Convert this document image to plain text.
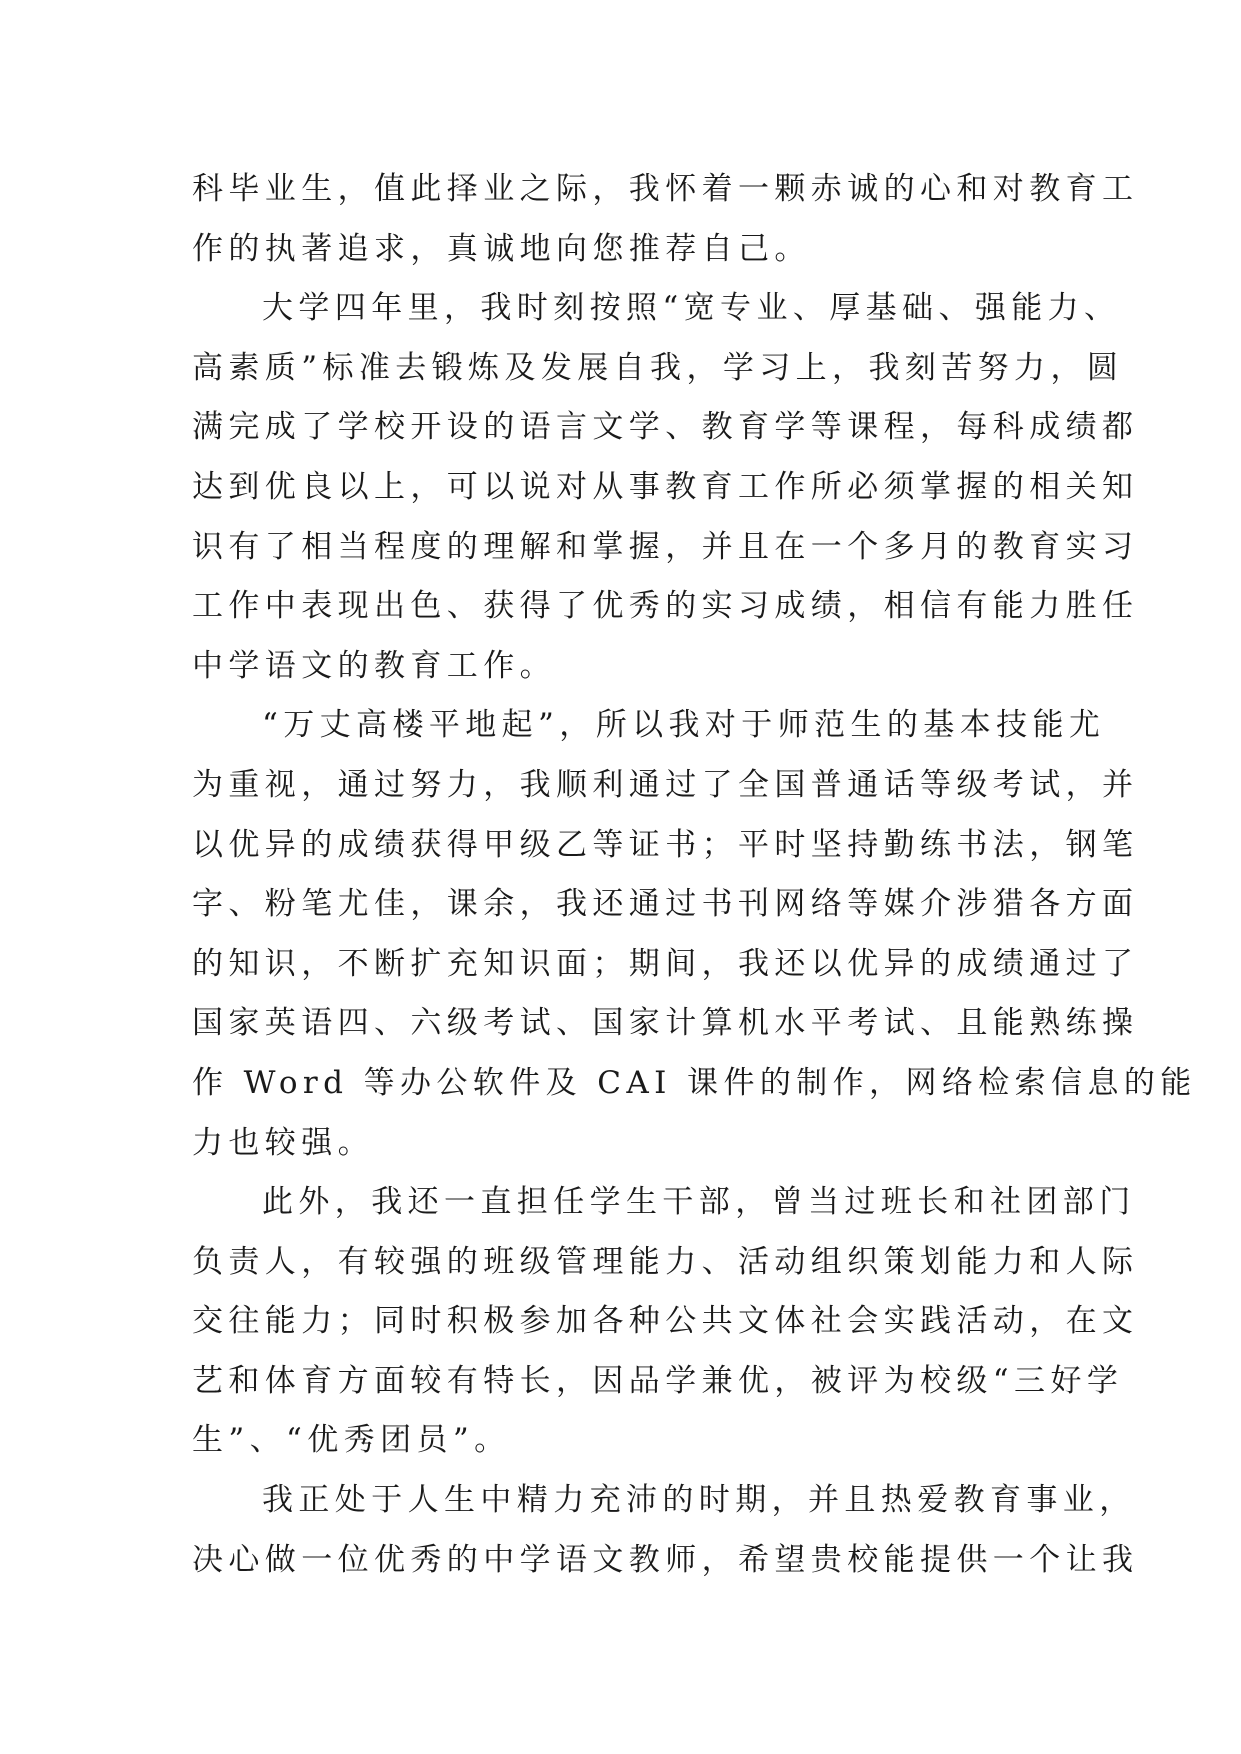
科毕业生，值此择业之际，我怀着一颗赤诚的心和对教育工
作的执著追求，真诚地向您推荐自己。
大学四年里，我时刻按照“宽专业、厚基础、强能力、
高素质”标准去锻炼及发展自我，学习上，我刻苦努力，圆
满完成了学校开设的语言文学、教育学等课程，每科成绩都
达到优良以上，可以说对从事教育工作所必须掌握的相关知
识有了相当程度的理解和掌握，并且在一个多月的教育实习
工作中表现出色、获得了优秀的实习成绩，相信有能力胜任
中学语文的教育工作。
“万丈高楼平地起”，所以我对于师范生的基本技能尤
为重视，通过努力，我顺利通过了全国普通话等级考试，并
以优异的成绩获得甲级乙等证书；平时坚持勤练书法，钢笔
字、粉笔尤佳，课余，我还通过书刊网络等媒介涉猎各方面
的知识，不断扩充知识面；期间，我还以优异的成绩通过了
国家英语四、六级考试、国家计算机水平考试、且能熟练操
作 Word 等办公软件及 CAI 课件的制作，网络检索信息的能
力也较强。
此外，我还一直担任学生干部，曾当过班长和社团部门
负责人，有较强的班级管理能力、活动组织策划能力和人际
交往能力；同时积极参加各种公共文体社会实践活动，在文
艺和体育方面较有特长，因品学兼优，被评为校级“三好学
生”、“优秀团员”。
我正处于人生中精力充沛的时期，并且热爱教育事业，
决心做一位优秀的中学语文教师，希望贵校能提供一个让我
